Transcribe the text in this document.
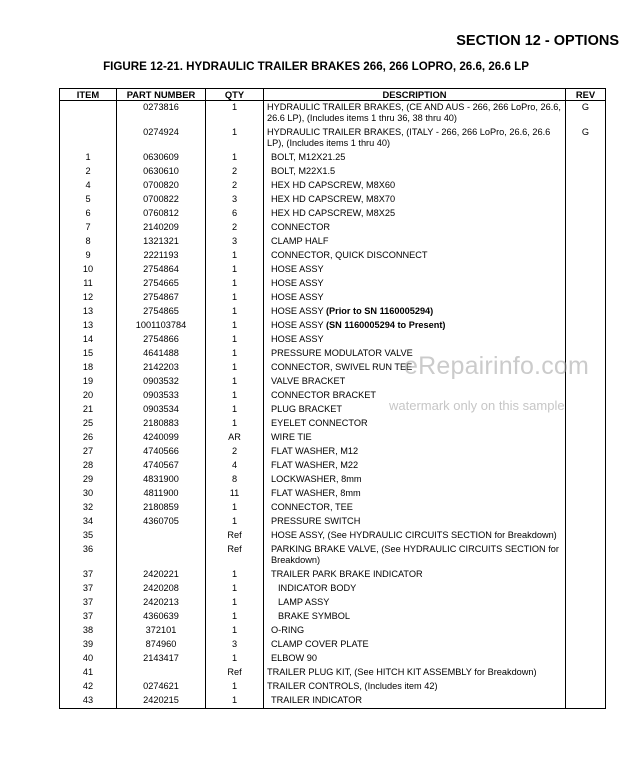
SECTION 12 - OPTIONS
FIGURE 12-21. HYDRAULIC TRAILER BRAKES 266, 266 LOPRO, 26.6, 26.6 LP
ITEM	PART NUMBER	QTY	DESCRIPTION	REV
	0273816	1	HYDRAULIC TRAILER BRAKES, (CE AND AUS - 266, 266 LoPro, 26.6, 26.6 LP), (Includes items 1 thru 36, 38 thru 40)	G
	0274924	1	HYDRAULIC TRAILER BRAKES, (ITALY - 266, 266 LoPro, 26.6, 26.6 LP), (Includes items 1 thru 40)	G
1	0630609	1	BOLT, M12X21.25	
2	0630610	2	BOLT, M22X1.5	
4	0700820	2	HEX HD CAPSCREW, M8X60	
5	0700822	3	HEX HD CAPSCREW, M8X70	
6	0760812	6	HEX HD CAPSCREW, M8X25	
7	2140209	2	CONNECTOR	
8	1321321	3	CLAMP HALF	
9	2221193	1	CONNECTOR, QUICK DISCONNECT	
10	2754864	1	HOSE ASSY	
11	2754665	1	HOSE ASSY	
12	2754867	1	HOSE ASSY	
13	2754865	1	HOSE ASSY (Prior to SN 1160005294)	
13	1001103784	1	HOSE ASSY (SN 1160005294 to Present)	
14	2754866	1	HOSE ASSY	
15	4641488	1	PRESSURE MODULATOR VALVE	
18	2142203	1	CONNECTOR, SWIVEL RUN TEE	
19	0903532	1	VALVE BRACKET	
20	0903533	1	CONNECTOR BRACKET	
21	0903534	1	PLUG BRACKET	
25	2180883	1	EYELET CONNECTOR	
26	4240099	AR	WIRE TIE	
27	4740566	2	FLAT WASHER, M12	
28	4740567	4	FLAT WASHER, M22	
29	4831900	8	LOCKWASHER, 8mm	
30	4811900	11	FLAT WASHER, 8mm	
32	2180859	1	CONNECTOR, TEE	
34	4360705	1	PRESSURE SWITCH	
35		Ref	HOSE ASSY, (See HYDRAULIC CIRCUITS SECTION for Breakdown)	
36		Ref	PARKING BRAKE VALVE, (See HYDRAULIC CIRCUITS SECTION for Breakdown)	
37	2420221	1	TRAILER PARK BRAKE INDICATOR	
37	2420208	1	INDICATOR BODY	
37	2420213	1	LAMP ASSY	
37	4360639	1	BRAKE SYMBOL	
38	372101	1	O-RING	
39	874960	3	CLAMP COVER PLATE	
40	2143417	1	ELBOW 90	
41		Ref	TRAILER PLUG KIT, (See HITCH KIT ASSEMBLY for Breakdown)	
42	0274621	1	TRAILER CONTROLS, (Includes item 42)	
43	2420215	1	TRAILER INDICATOR	
eRepairinfo.com
watermark only on this sample
